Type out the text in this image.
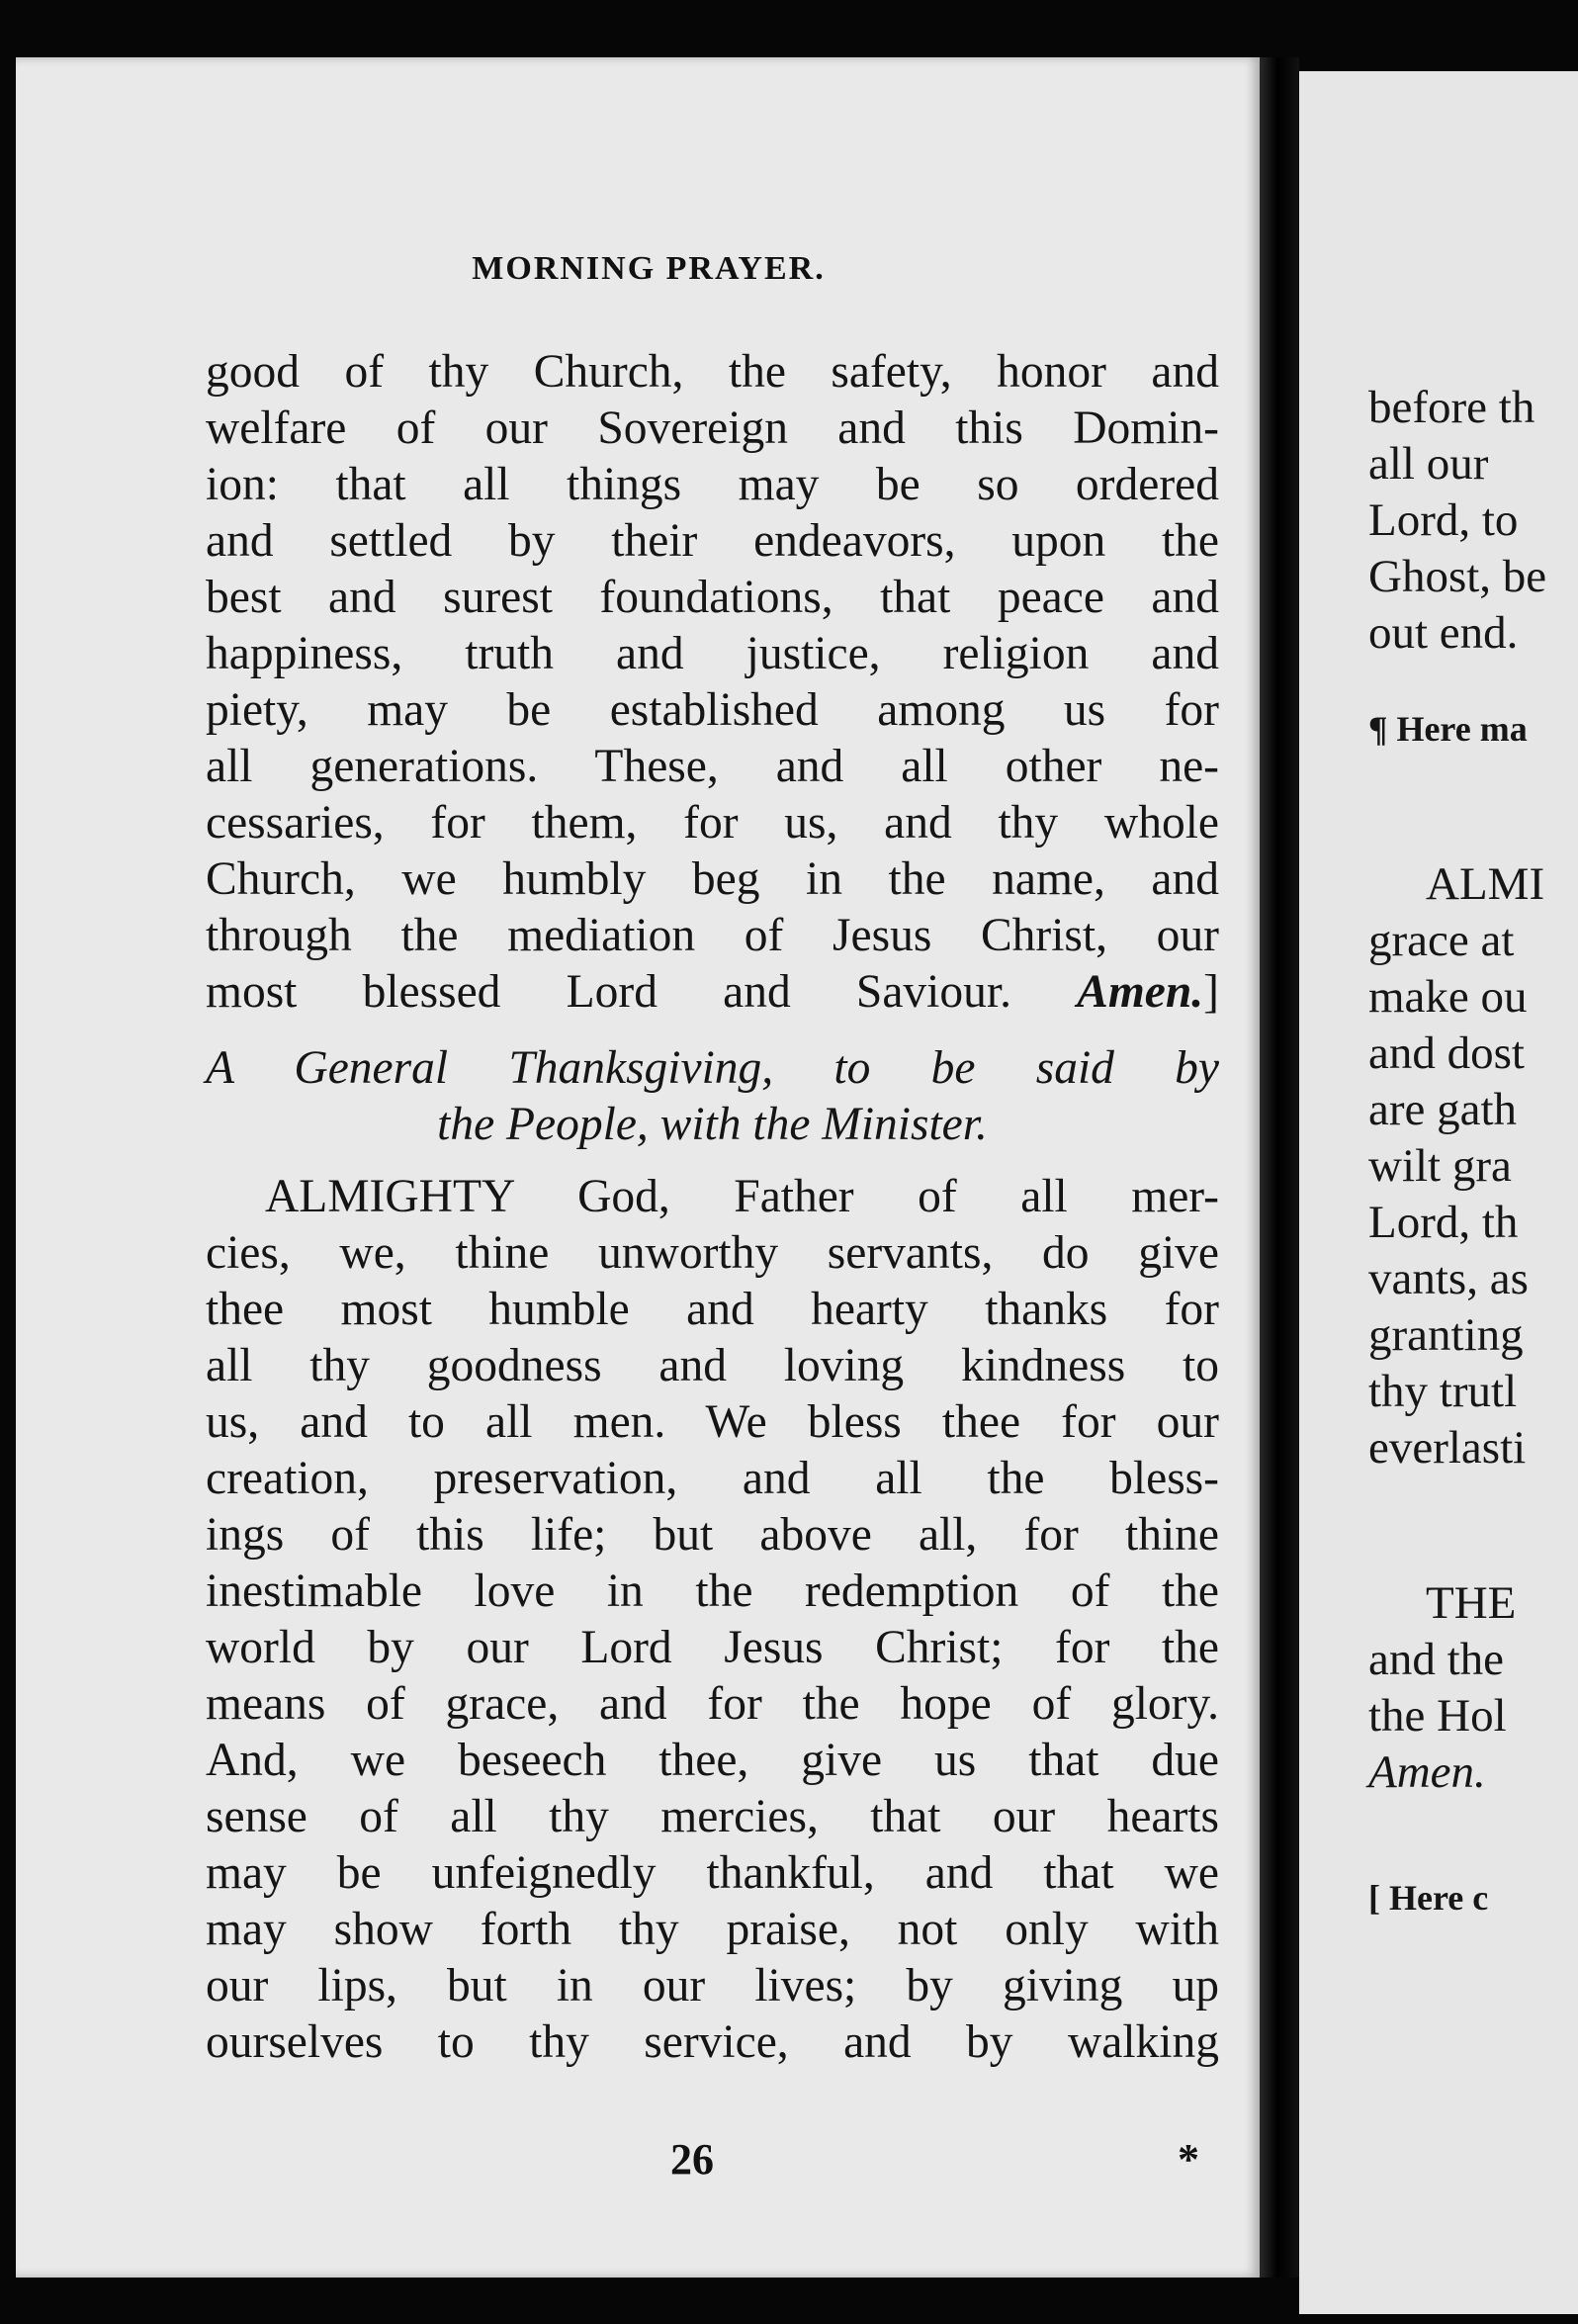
MORNING PRAYER.
good of thy Church, the safety, honor and
welfare of our Sovereign and this Domin-
ion: that all things may be so ordered
and settled by their endeavors, upon the
best and surest foundations, that peace and
happiness, truth and justice, religion and
piety, may be established among us for
all generations. These, and all other ne-
cessaries, for them, for us, and thy whole
Church, we humbly beg in the name, and
through the mediation of Jesus Christ, our
most blessed Lord and Saviour. Amen.]
A General Thanksgiving, to be said by
the People, with the Minister.
ALMIGHTY God, Father of all mer-
cies, we, thine unworthy servants, do give
thee most humble and hearty thanks for
all thy goodness and loving kindness to
us, and to all men. We bless thee for our
creation, preservation, and all the bless-
ings of this life; but above all, for thine
inestimable love in the redemption of the
world by our Lord Jesus Christ; for the
means of grace, and for the hope of glory.
And, we beseech thee, give us that due
sense of all thy mercies, that our hearts
may be unfeignedly thankful, and that we
may show forth thy praise, not only with
our lips, but in our lives; by giving up
ourselves to thy service, and by walking
26	*
before th
all our
Lord, to
Ghost, be
out end.
¶ Here ma
ALMI
grace at
make ou
and dost
are gath
wilt gra
Lord, th
vants, as
granting
thy trutl
everlasti
THE
and the
the Hol
Amen.
[ Here c
